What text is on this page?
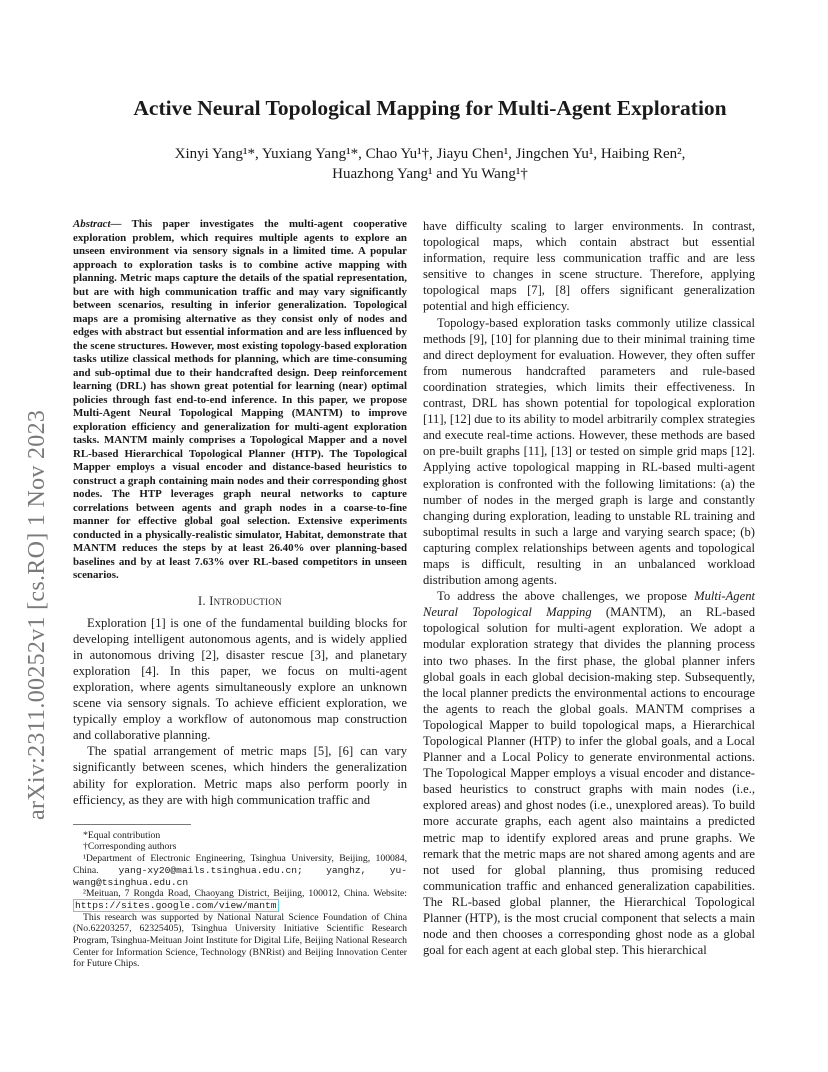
arXiv:2311.00252v1 [cs.RO] 1 Nov 2023
Active Neural Topological Mapping for Multi-Agent Exploration
Xinyi Yang¹*, Yuxiang Yang¹*, Chao Yu¹†, Jiayu Chen¹, Jingchen Yu¹, Haibing Ren²,
Huazhong Yang¹ and Yu Wang¹†

Abstract— This paper investigates the multi-agent cooperative exploration problem, which requires multiple agents to explore an unseen environment via sensory signals in a limited time. A popular approach to exploration tasks is to combine active mapping with planning. Metric maps capture the details of the spatial representation, but are with high communication traffic and may vary significantly between scenarios, resulting in inferior generalization. Topological maps are a promising alternative as they consist only of nodes and edges with abstract but essential information and are less influenced by the scene structures. However, most existing topology-based exploration tasks utilize classical methods for planning, which are time-consuming and sub-optimal due to their handcrafted design. Deep reinforcement learning (DRL) has shown great potential for learning (near) optimal policies through fast end-to-end inference. In this paper, we propose Multi-Agent Neural Topological Mapping (MANTM) to improve exploration efficiency and generalization for multi-agent exploration tasks. MANTM mainly comprises a Topological Mapper and a novel RL-based Hierarchical Topological Planner (HTP). The Topological Mapper employs a visual encoder and distance-based heuristics to construct a graph containing main nodes and their corresponding ghost nodes. The HTP leverages graph neural networks to capture correlations between agents and graph nodes in a coarse-to-fine manner for effective global goal selection. Extensive experiments conducted in a physically-realistic simulator, Habitat, demonstrate that MANTM reduces the steps by at least 26.40% over planning-based baselines and by at least 7.63% over RL-based competitors in unseen scenarios.

I. Introduction

Exploration [1] is one of the fundamental building blocks for developing intelligent autonomous agents, and is widely applied in autonomous driving [2], disaster rescue [3], and planetary exploration [4]. In this paper, we focus on multi-agent exploration, where agents simultaneously explore an unknown scene via sensory signals. To achieve efficient exploration, we typically employ a workflow of autonomous map construction and collaborative planning.

The spatial arrangement of metric maps [5], [6] can vary significantly between scenes, which hinders the generalization ability for exploration. Metric maps also perform poorly in efficiency, as they are with high communication traffic and

*Equal contribution

†Corresponding authors

¹Department of Electronic Engineering, Tsinghua University, Beijing, 100084, China. yang-xy20@mails.tsinghua.edu.cn; yanghz, yu-wang@tsinghua.edu.cn

²Meituan, 7 Rongda Road, Chaoyang District, Beijing, 100012, China. Website: https://sites.google.com/view/mantm

This research was supported by National Natural Science Foundation of China (No.62203257, 62325405), Tsinghua University Initiative Scientific Research Program, Tsinghua-Meituan Joint Institute for Digital Life, Beijing National Research Center for Information Science, Technology (BNRist) and Beijing Innovation Center for Future Chips.

have difficulty scaling to larger environments. In contrast, topological maps, which contain abstract but essential information, require less communication traffic and are less sensitive to changes in scene structure. Therefore, applying topological maps [7], [8] offers significant generalization potential and high efficiency.

Topology-based exploration tasks commonly utilize classical methods [9], [10] for planning due to their minimal training time and direct deployment for evaluation. However, they often suffer from numerous handcrafted parameters and rule-based coordination strategies, which limits their effectiveness. In contrast, DRL has shown potential for topological exploration [11], [12] due to its ability to model arbitrarily complex strategies and execute real-time actions. However, these methods are based on pre-built graphs [11], [13] or tested on simple grid maps [12]. Applying active topological mapping in RL-based multi-agent exploration is confronted with the following limitations: (a) the number of nodes in the merged graph is large and constantly changing during exploration, leading to unstable RL training and suboptimal results in such a large and varying search space; (b) capturing complex relationships between agents and topological maps is difficult, resulting in an unbalanced workload distribution among agents.

To address the above challenges, we propose Multi-Agent Neural Topological Mapping (MANTM), an RL-based topological solution for multi-agent exploration. We adopt a modular exploration strategy that divides the planning process into two phases. In the first phase, the global planner infers global goals in each global decision-making step. Subsequently, the local planner predicts the environmental actions to encourage the agents to reach the global goals. MANTM comprises a Topological Mapper to build topological maps, a Hierarchical Topological Planner (HTP) to infer the global goals, and a Local Planner and a Local Policy to generate environmental actions. The Topological Mapper employs a visual encoder and distance-based heuristics to construct graphs with main nodes (i.e., explored areas) and ghost nodes (i.e., unexplored areas). To build more accurate graphs, each agent also maintains a predicted metric map to identify explored areas and prune graphs. We remark that the metric maps are not shared among agents and are not used for global planning, thus promising reduced communication traffic and enhanced generalization capabilities. The RL-based global planner, the Hierarchical Topological Planner (HTP), is the most crucial component that selects a main node and then chooses a corresponding ghost node as a global goal for each agent at each global step. This hierarchical
